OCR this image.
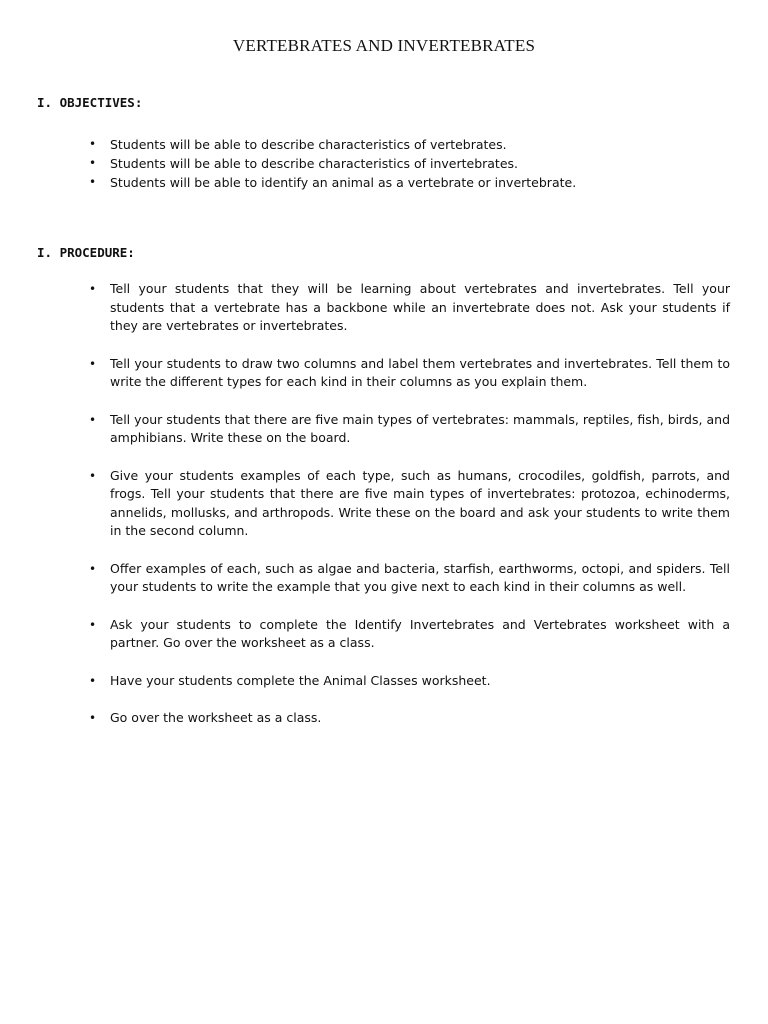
VERTEBRATES AND INVERTEBRATES
I. OBJECTIVES:
• Students will be able to describe characteristics of vertebrates.
• Students will be able to describe characteristics of invertebrates.
• Students will be able to identify an animal as a vertebrate or invertebrate.
I. PROCEDURE:
• Tell your students that they will be learning about vertebrates and invertebrates. Tell your students that a vertebrate has a backbone while an invertebrate does not. Ask your students if they are vertebrates or invertebrates.
• Tell your students to draw two columns and label them vertebrates and invertebrates. Tell them to write the different types for each kind in their columns as you explain them.
• Tell your students that there are five main types of vertebrates: mammals, reptiles, fish, birds, and amphibians. Write these on the board.
• Give your students examples of each type, such as humans, crocodiles, goldfish, parrots, and frogs. Tell your students that there are five main types of invertebrates: protozoa, echinoderms, annelids, mollusks, and arthropods. Write these on the board and ask your students to write them in the second column.
• Offer examples of each, such as algae and bacteria, starfish, earthworms, octopi, and spiders. Tell your students to write the example that you give next to each kind in their columns as well.
• Ask your students to complete the Identify Invertebrates and Vertebrates worksheet with a partner. Go over the worksheet as a class.
• Have your students complete the Animal Classes worksheet.
• Go over the worksheet as a class.
